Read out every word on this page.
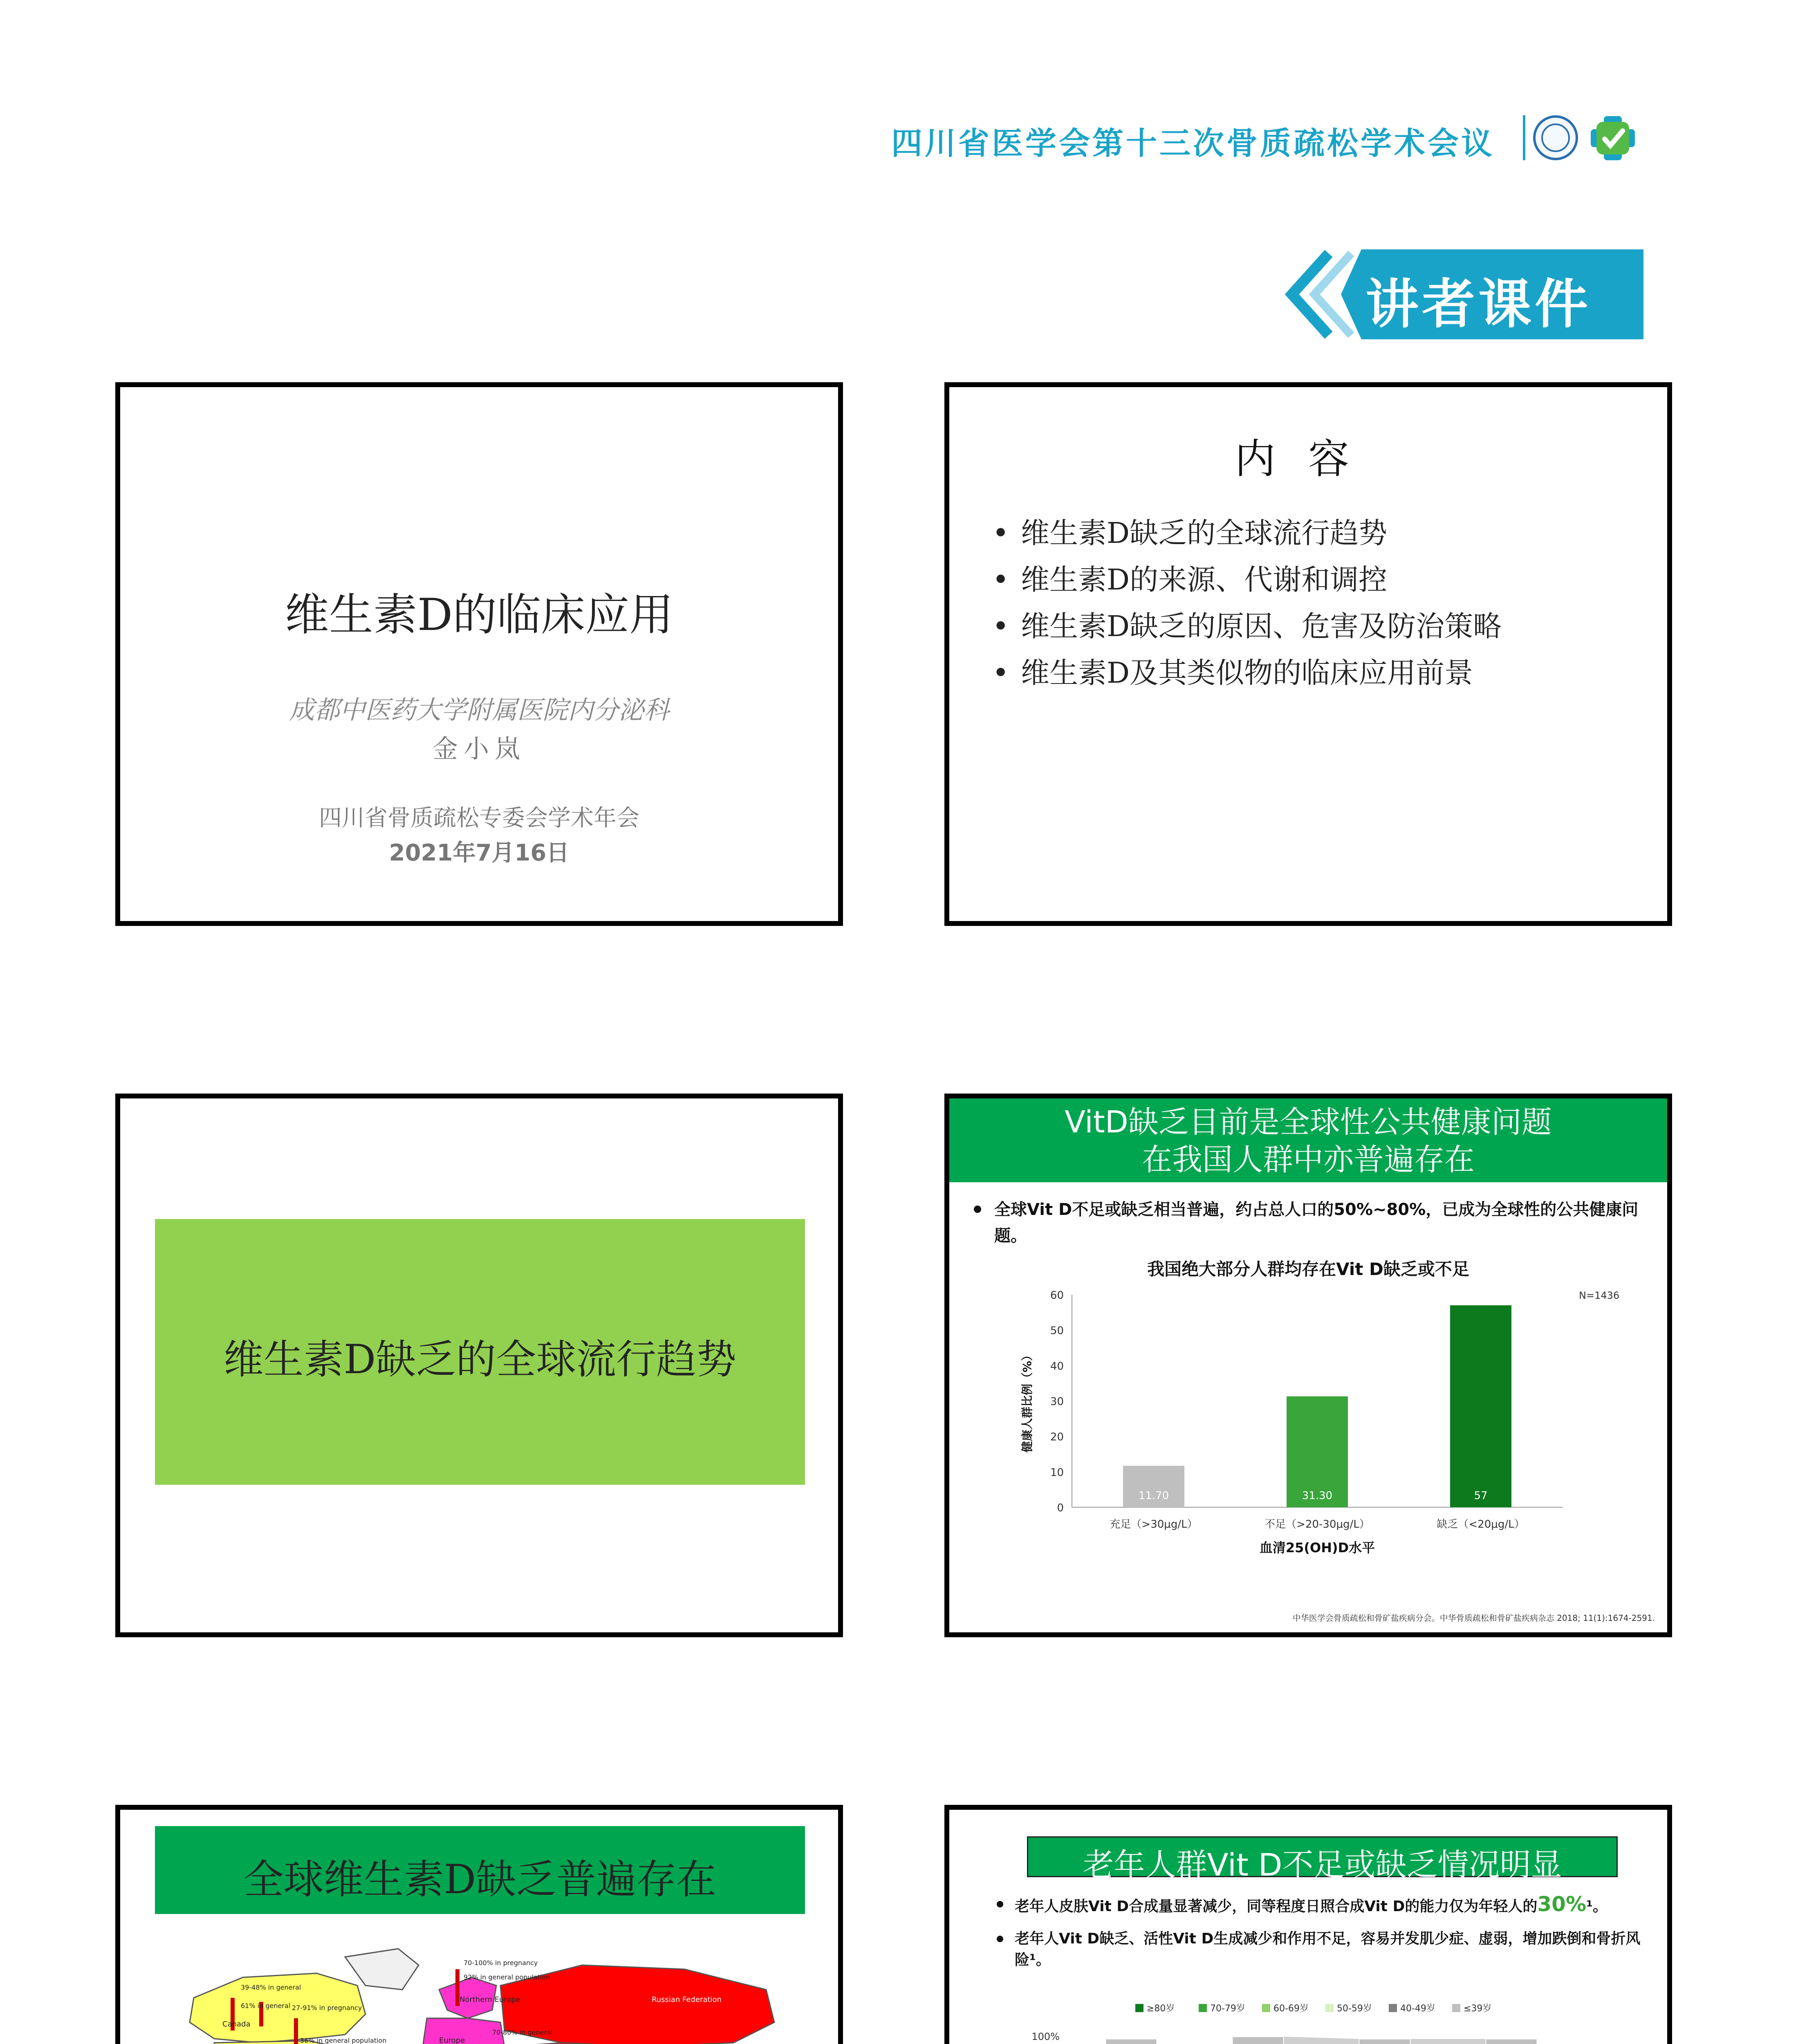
四川省医学会第十三次骨质疏松学术会议
讲者课件
维生素D的临床应用
成都中医药大学附属医院内分泌科
金小岚
四川省骨质疏松专委会学术年会
2021年7月16日
内容
• 维生素D缺乏的全球流行趋势
• 维生素D的来源、代谢和调控
• 维生素D缺乏的原因、危害及防治策略
• 维生素D及其类似物的临床应用前景
维生素D缺乏的全球流行趋势
VitD缺乏目前是全球性公共健康问题
在我国人群中亦普遍存在
全球Vit D不足或缺乏相当普遍，约占总人口的50%~80%，已成为全球性的公共健康问题。
我国绝大部分人群均存在Vit D缺乏或不足
0
10
20
30
40
50
60
11.70
充足（>30μg/L）
31.30
不足（>20-30μg/L）
57
缺乏（<20μg/L）
血清25(OH)D水平
健康人群比例（%）
N=1436
中华医学会骨质疏松和骨矿盐疾病分会。中华骨质疏松和骨矿盐疾病杂志 2018; 11(1):1674-2591.
全球维生素D缺乏普遍存在
Canada
Northern Europe
Europe
Russian Federation
39-48% in general
61% in general 27-91% in pregnancy
36% in general population
70-100% in pregnancy
92% in general population
70-80% in general
老年人群Vit D不足或缺乏情况明显
老年人皮肤Vit D合成量显著减少，同等程度日照合成Vit D的能力仅为年轻人的30%¹。
老年人Vit D缺乏、活性Vit D生成减少和作用不足，容易并发肌少症、虚弱，增加跌倒和骨折风险¹。
≥80岁	70-79岁	60-69岁	50-59岁	40-49岁	≤39岁
100%
